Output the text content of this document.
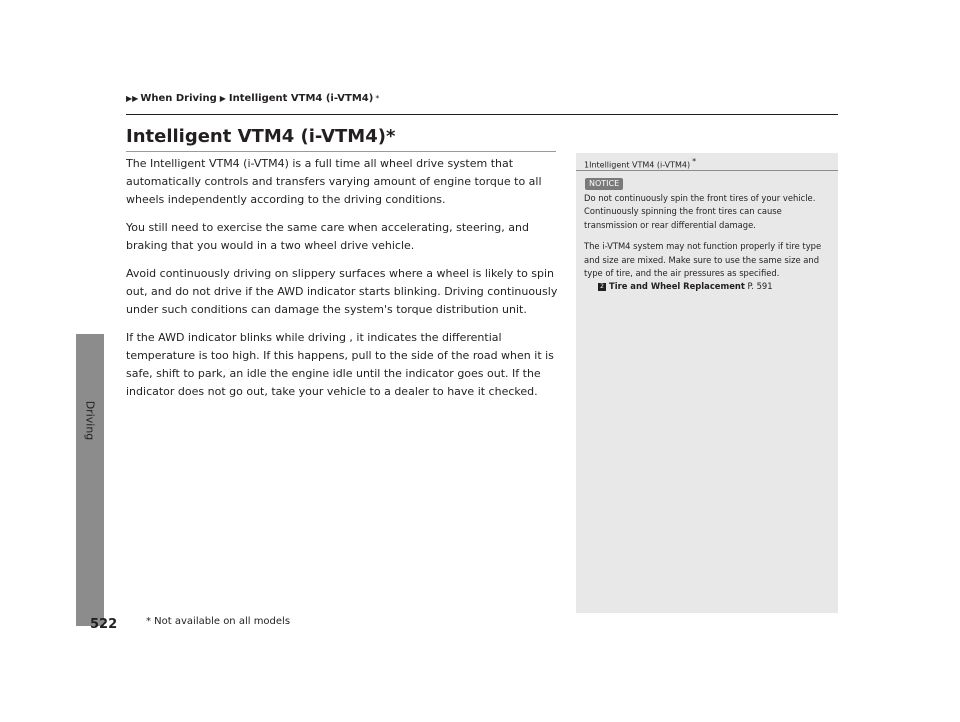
Driving
▶▶ When Driving ▶ Intelligent VTM4 (i-VTM4) *
Intelligent VTM4 (i-VTM4)*

The Intelligent VTM4 (i-VTM4) is a full time all wheel drive system that automatically controls and transfers varying amount of engine torque to all wheels independently according to the driving conditions.

You still need to exercise the same care when accelerating, steering, and braking that you would in a two wheel drive vehicle.

Avoid continuously driving on slippery surfaces where a wheel is likely to spin out, and do not drive if the AWD indicator starts blinking. Driving continuously under such conditions can damage the system's torque distribution unit.

If the AWD indicator blinks while driving , it indicates the differential temperature is too high. If this happens, pull to the side of the road when it is safe, shift to park, an idle the engine idle until the indicator goes out. If the indicator does not go out, take your vehicle to a dealer to have it checked.

1Intelligent VTM4 (i-VTM4) *
NOTICE

Do not continuously spin the front tires of your vehicle. Continuously spinning the front tires can cause transmission or rear differential damage.

The i-VTM4 system may not function properly if tire type and size are mixed. Make sure to use the same size and type of tire, and the air pressures as specified.
2 Tire and Wheel Replacement P. 591

522	* Not available on all models
